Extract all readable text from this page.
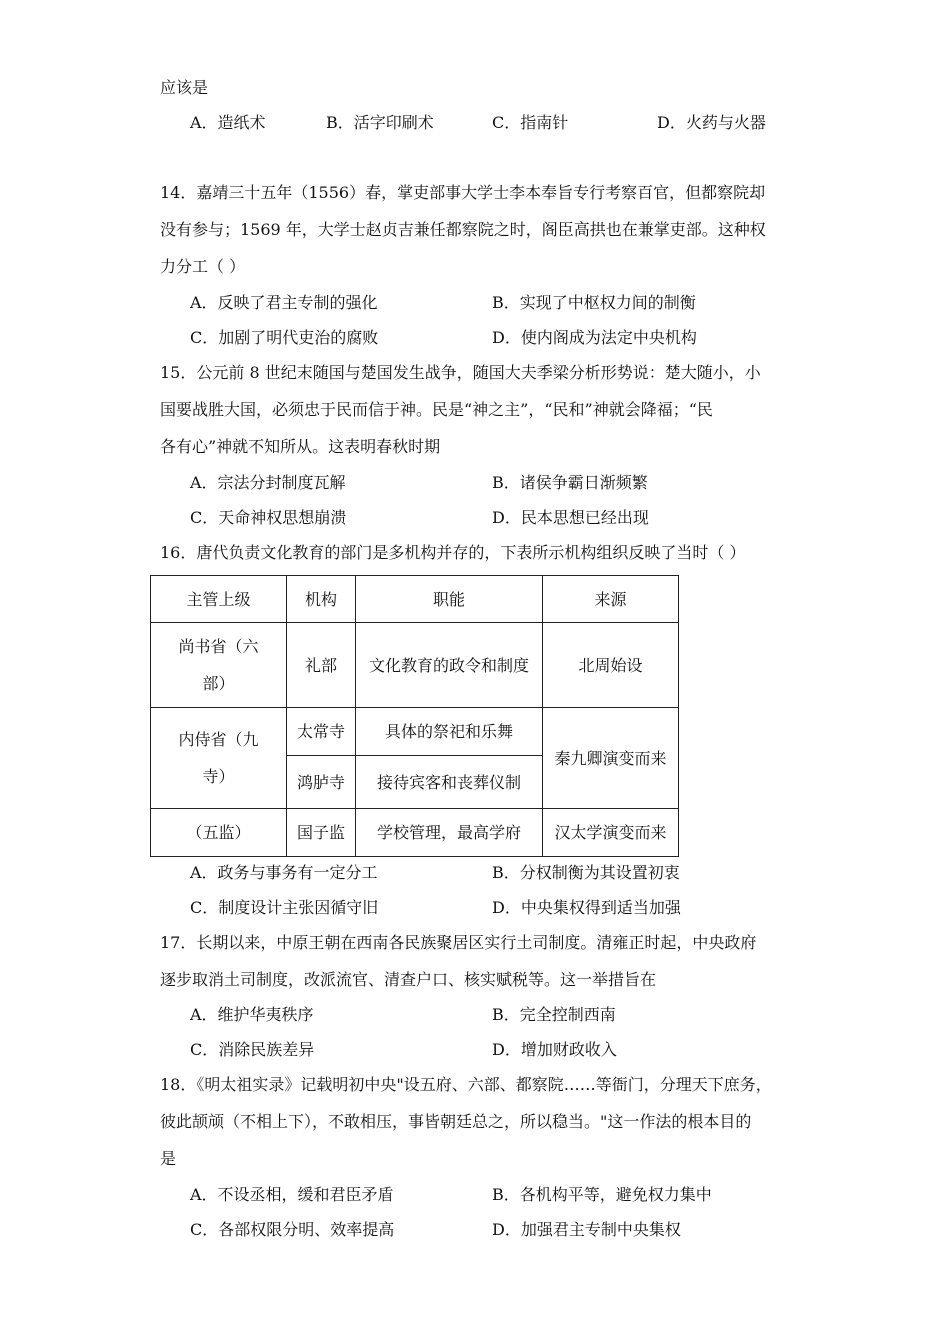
应该是
A．造纸术	B．活字印刷术	C．指南针	D．火药与火器
14．嘉靖三十五年（1556）春，掌吏部事大学士李本奉旨专行考察百官，但都察院却
没有参与；1569 年，大学士赵贞吉兼任都察院之时，阁臣高拱也在兼掌吏部。这种权
力分工（ ）
A．反映了君主专制的强化	B．实现了中枢权力间的制衡
C．加剧了明代吏治的腐败	D．使内阁成为法定中央机构
15．公元前 8 世纪末随国与楚国发生战争，随国大夫季梁分析形势说：楚大随小，小
国要战胜大国，必须忠于民而信于神。民是“神之主”，“民和”神就会降福；“民
各有心”神就不知所从。这表明春秋时期
A．宗法分封制度瓦解	B．诸侯争霸日渐频繁
C．天命神权思想崩溃	D．民本思想已经出现
16．唐代负责文化教育的部门是多机构并存的，下表所示机构组织反映了当时（ ）
主管上级	机构	职能	来源

尚书省（六
部）	礼部	文化教育的政令和制度	北周始设

内侍省（九
寺）	太常寺	具体的祭祀和乐舞	秦九卿演变而来
	鸿胪寺	接待宾客和丧葬仪制	
（五监）	国子监	学校管理，最高学府	汉太学演变而来
A．政务与事务有一定分工	B．分权制衡为其设置初衷
C．制度设计主张因循守旧	D．中央集权得到适当加强
17．长期以来，中原王朝在西南各民族聚居区实行土司制度。清雍正时起，中央政府
逐步取消土司制度，改派流官、清查户口、核实赋税等。这一举措旨在
A．维护华夷秩序	B．完全控制西南
C．消除民族差异	D．增加财政收入
18．《明太祖实录》记载明初中央"设五府、六部、都察院……等衙门，分理天下庶务，
彼此颉颃（不相上下），不敢相压，事皆朝廷总之，所以稳当。"这一作法的根本目的
是
A．不设丞相，缓和君臣矛盾	B．各机构平等，避免权力集中
C．各部权限分明、效率提高	D．加强君主专制中央集权
